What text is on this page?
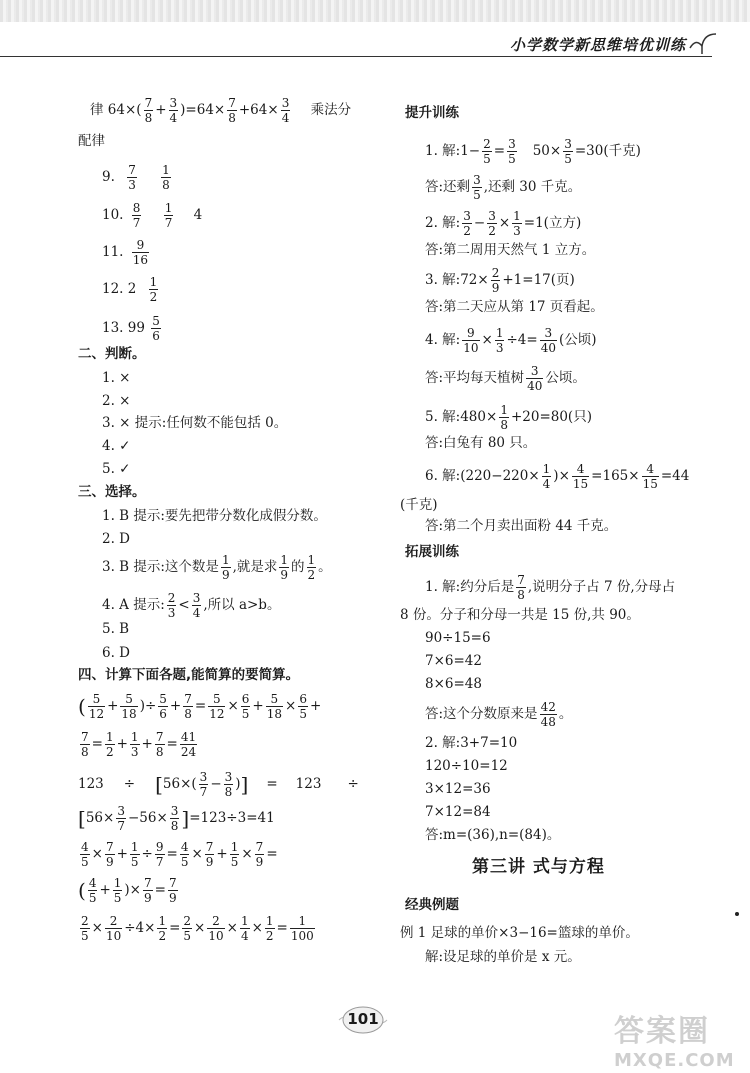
小学数学新思维培优训练
律 $64\times( \frac{7}{8} + \frac{3}{4} )=64\times \frac{7}{8} +64\times \frac{3}{4}$ 乘法分
配律
9. $\frac{7}{3}$
$\frac{1}{8}$
10. $\frac{8}{7}$
$\frac{1}{7} 4$
11. $\frac{9}{16}$
12. $2 \frac{1}{2}$
13. $99 \frac{5}{6}$
二、判断。
1. ×
2. ×
3. × 提示:任何数不能包括 0。
4. ✓
5. ✓
三、选择。
1. B 提示:要先把带分数化成假分数。
2. D
3. B 提示:这个数是 $\frac{1}{9}$ ,就是求 $\frac{1}{9}$ 的 $\frac{1}{2}$ 。
4. A 提示: $\frac{2}{3} < \frac{3}{4}$ ,所以 a>b。
5. B
6. D
四、计算下面各题,能简算的要简算。
( $\frac{5}{12} + \frac{5}{18}$ )÷ $\frac{5}{6} + \frac{7}{8} = \frac{5}{12} \times \frac{6}{5} + \frac{5}{18} \times \frac{6}{5}$ +
$\frac{7}{8} = \frac{1}{2} + \frac{1}{3} + \frac{7}{8} = \frac{41}{24}$
$123 \div [56\times( \frac{3}{7} - \frac{3}{8}$ )] = 123 ÷
$[56\times \frac{3}{7} -56\times \frac{3}{8} ]=123\div 3=41$
$\frac{4}{5} \times \frac{7}{9} + \frac{1}{5} \div \frac{9}{7} = \frac{4}{5} \times \frac{7}{9} + \frac{1}{5} \times \frac{7}{9}$ =
( $\frac{4}{5} + \frac{1}{5}$ )× $\frac{7}{9} = \frac{7}{9}$
$\frac{2}{5} \times \frac{2}{10} \div 4\times \frac{1}{2} = \frac{2}{5} \times \frac{2}{10} \times \frac{1}{4} \times \frac{1}{2} = \frac{1}{100}$
提升训练
1. 解:1− $\frac{2}{5} = \frac{3}{5} 50\times \frac{3}{5} =30$(千克)
答:还剩 $\frac{3}{5}$ ,还剩 30 千克。
2. 解: $\frac{3}{2} - \frac{3}{2} \times \frac{1}{3} =1$(立方)
答:第二周用天然气 1 立方。
3. 解:72× $\frac{2}{9} +1=17$(页)
答:第二天应从第 17 页看起。
4. 解: $\frac{9}{10} \times \frac{1}{3} \div 4= \frac{3}{40}$ (公顷)
答:平均每天植树 $\frac{3}{40}$ 公顷。
5. 解:480× $\frac{1}{8} +20=80$(只)
答:白兔有 80 只。
6. 解:(220−220× $\frac{1}{4}$ )× $\frac{4}{15} =165\times \frac{4}{15} =44$
(千克)
答:第二个月卖出面粉 44 千克。
拓展训练
1. 解:约分后是 $\frac{7}{8}$ ,说明分子占 7 份,分母占
8 份。分子和分母一共是 15 份,共 90。
90÷15=6
7×6=42
8×6=48
答:这个分数原来是 $\frac{42}{48}$ 。
2. 解:3+7=10
120÷10=12
3×12=36
7×12=84
答:m=(36),n=(84)。
第三讲 式与方程
经典例题
例 1 足球的单价×3−16=篮球的单价。
解:设足球的单价是 x 元。
101	答案圈
MXQE.COM
